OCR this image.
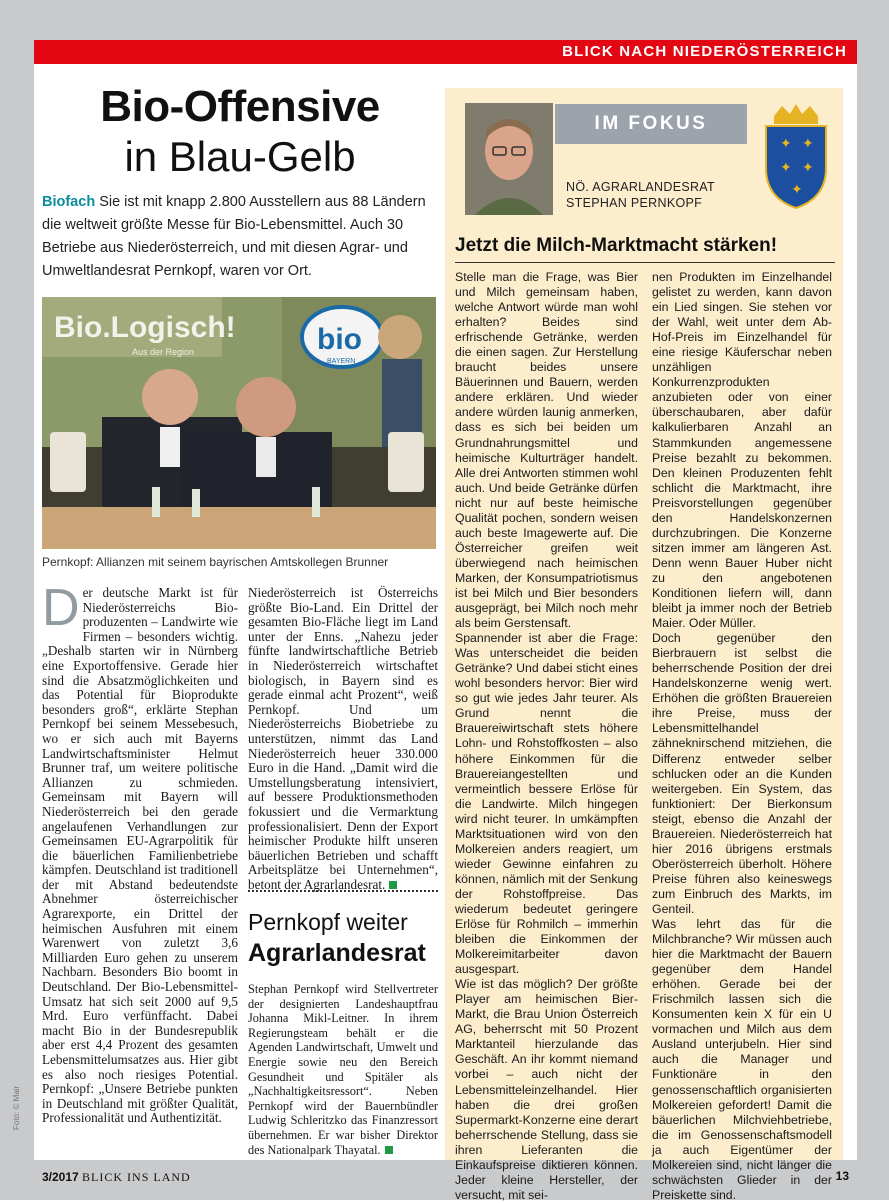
BLICK NACH NIEDERÖSTERREICH
Bio-Offensive
in Blau-Gelb
Biofach Sie ist mit knapp 2.800 Ausstellern aus 88 Ländern die weltweit größte Messe für Bio-Lebensmittel. Auch 30 Betriebe aus Niederösterreich, und mit diesen Agrar- und Umweltlandesrat Pernkopf, waren vor Ort.
Bio.Logisch!
Aus der Region	bio
BAYERN
Pernkopf: Allianzen mit seinem bayrischen Amtskollegen Brunner
Der deutsche Markt ist für Niederösterreichs Bio-produzenten – Landwirte wie Firmen – besonders wichtig. „Deshalb starten wir in Nürnberg eine Exportoffensive. Gerade hier sind die Absatzmöglichkeiten und das Potential für Bioprodukte besonders groß“, erklärte Stephan Pernkopf bei seinem Messebesuch, wo er sich auch mit Bayerns Landwirtschaftsminister Helmut Brunner traf, um weitere politische Allianzen zu schmieden. Gemeinsam mit Bayern will Niederösterreich bei den gerade angelaufenen Verhandlungen zur Gemeinsamen EU-Agrarpolitik für die bäuerlichen Familienbetriebe kämpfen. Deutschland ist traditionell der mit Abstand bedeutendste Abnehmer österreichischer Agrarexporte, ein Drittel der heimischen Ausfuhren mit einem Warenwert von zuletzt 3,6 Milliarden Euro gehen zu unserem Nachbarn. Besonders Bio boomt in Deutschland. Der Bio-Lebensmittel-Umsatz hat sich seit 2000 auf 9,5 Mrd. Euro verfünffacht. Dabei macht Bio in der Bundesrepublik aber erst 4,4 Prozent des gesamten Lebensmittelumsatzes aus. Hier gibt es also noch riesiges Potential. Pernkopf: „Unsere Betriebe punkten in Deutschland mit größter Qualität, Professionalität und Authentizität.
Niederösterreich ist Österreichs größte Bio-Land. Ein Drittel der gesamten Bio-Fläche liegt im Land unter der Enns. „Nahezu jeder fünfte landwirtschaftliche Betrieb in Niederösterreich wirtschaftet biologisch, in Bayern sind es gerade einmal acht Prozent“, weiß Pernkopf. Und um Niederösterreichs Biobetriebe zu unterstützen, nimmt das Land Niederösterreich heuer 330.000 Euro in die Hand. „Damit wird die Umstellungsberatung intensiviert, auf bessere Produktionsmethoden fokussiert und die Vermarktung professionalisiert. Denn der Export heimischer Produkte hilft unseren bäuerlichen Betrieben und schafft Arbeitsplätze bei Unternehmen“, betont der Agrarlandesrat.
Pernkopf weiter
Agrarlandesrat
Stephan Pernkopf wird Stellvertreter der designierten Landeshauptfrau Johanna Mikl-Leitner. In ihrem Regierungsteam behält er die Agenden Landwirtschaft, Umwelt und Energie sowie neu den Bereich Gesundheit und Spitäler als „Nachhaltigkeitsressort“. Neben Pernkopf wird der Bauernbündler Ludwig Schleritzko das Finanzressort übernehmen. Er war bisher Direktor des Nationalpark Thayatal.
IM FOKUS
✦ ✦
✦ ✦
✦
NÖ. AGRARLANDESRAT
STEPHAN PERNKOPF
Jetzt die Milch-Marktmacht stärken!
Stelle man die Frage, was Bier und Milch gemeinsam haben, welche Antwort würde man wohl erhalten? Beides sind erfrischende Getränke, werden die einen sagen. Zur Herstellung braucht beides unsere Bäuerinnen und Bauern, werden andere erklären. Und wieder andere würden launig anmerken, dass es sich bei beiden um Grundnahrungsmittel und heimische Kulturträger handelt. Alle drei Antworten stimmen wohl auch. Und beide Getränke dürfen nicht nur auf beste heimische Qualität pochen, sondern weisen auch beste Imagewerte auf. Die Österreicher greifen weit überwiegend nach heimischen Marken, der Konsumpatriotismus ist bei Milch und Bier besonders ausgeprägt, bei Milch noch mehr als beim Gerstensaft.
Spannender ist aber die Frage: Was unterscheidet die beiden Getränke? Und dabei sticht eines wohl besonders hervor: Bier wird so gut wie jedes Jahr teurer. Als Grund nennt die Brauereiwirtschaft stets höhere Lohn- und Rohstoffkosten – also höhere Einkommen für die Brauereiangestellten und vermeintlich bessere Erlöse für die Landwirte. Milch hingegen wird nicht teurer. In umkämpften Marktsituationen wird von den Molkereien anders reagiert, um wieder Gewinne einfahren zu können, nämlich mit der Senkung der Rohstoffpreise. Das wiederum bedeutet geringere Erlöse für Rohmilch – immerhin bleiben die Einkommen der Molkereimitarbeiter davon ausgespart.
Wie ist das möglich? Der größte Player am heimischen Bier-Markt, die Brau Union Österreich AG, beherrscht mit 50 Prozent Marktanteil hierzulande das Geschäft. An ihr kommt niemand vorbei – auch nicht der Lebensmitteleinzelhandel. Hier haben die drei großen Supermarkt-Konzerne eine derart beherrschende Stellung, dass sie ihren Lieferanten die Einkaufspreise diktieren können. Jeder kleine Hersteller, der versucht, mit sei-
nen Produkten im Einzelhandel gelistet zu werden, kann davon ein Lied singen. Sie stehen vor der Wahl, weit unter dem Ab-Hof-Preis im Einzelhandel für eine riesige Käuferschar neben unzähligen Konkurrenzprodukten anzubieten oder von einer überschaubaren, aber dafür kalkulierbaren Anzahl an Stammkunden angemessene Preise bezahlt zu bekommen. Den kleinen Produzenten fehlt schlicht die Marktmacht, ihre Preisvorstellungen gegenüber den Handelskonzernen durchzubringen. Die Konzerne sitzen immer am längeren Ast. Denn wenn Bauer Huber nicht zu den angebotenen Konditionen liefern will, dann bleibt ja immer noch der Betrieb Maier. Oder Müller.
Doch gegenüber den Bierbrauern ist selbst die beherrschende Position der drei Handelskonzerne wenig wert. Erhöhen die größten Brauereien ihre Preise, muss der Lebensmittelhandel zähneknirschend mitziehen, die Differenz entweder selber schlucken oder an die Kunden weitergeben. Ein System, das funktioniert: Der Bierkonsum steigt, ebenso die Anzahl der Brauereien. Niederösterreich hat hier 2016 übrigens erstmals Oberösterreich überholt. Höhere Preise führen also keineswegs zum Einbruch des Markts, im Genteil.
Was lehrt das für die Milchbranche? Wir müssen auch hier die Marktmacht der Bauern gegenüber dem Handel erhöhen. Gerade bei der Frischmilch lassen sich die Konsumenten kein X für ein U vormachen und Milch aus dem Ausland unterjubeln. Hier sind auch die Manager und Funktionäre in den genossenschaftlich organisierten Molkereien gefordert! Damit die bäuerlichen Milchviehbetriebe, die im Genossenschaftsmodell ja auch Eigentümer der Molkereien sind, nicht länger die schwächsten Glieder in der Preiskette sind.
3/2017 BLICK INS LAND	13
Foto: © Mair
